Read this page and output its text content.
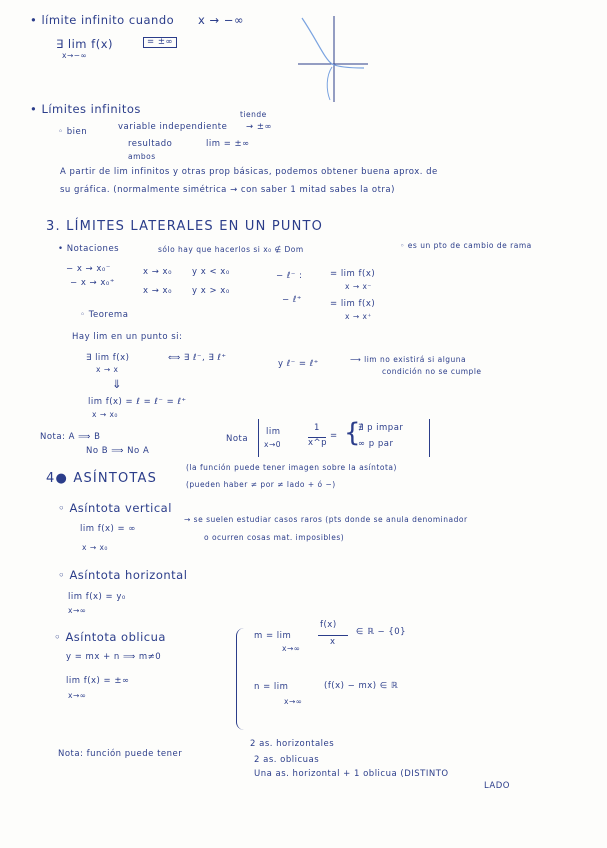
• límite infinito cuando x → −∞
∃ lim f(x)
x→−∞
= ±∞
• Límites infinitos	tiende
◦ bien	variable independiente → ±∞
resultado	lim = ±∞
ambos
A partir de lim infinitos y otras prop básicas, podemos obtener buena aprox. de
su gráfica. (normalmente simétrica → con saber 1 mitad sabes la otra)
3. LÍMITES LATERALES EN UN PUNTO
• Notaciones	sólo hay que hacerlos si x₀ ∉ Dom	◦ es un pto de cambio de rama
− x → x₀⁻	x → x₀ y x < x₀	− ℓ⁻ :	= lim f(x)
x → x⁻
− x → x₀⁺
x → x₀ y x > x₀
− ℓ⁺	= lim f(x)
x → x⁺
◦ Teorema
Hay lim en un punto si:
∃ lim f(x)
x → x
⟺ ∃ ℓ⁻, ∃ ℓ⁺
y ℓ⁻ = ℓ⁺	⟶ lim no existirá si alguna
condición no se cumple
⇓
lim f(x) = ℓ = ℓ⁻ = ℓ⁺
x → x₀
Nota: A ⟹ B
No B ⟹ No A
Nota
lim
x→0
1
x^p
= {
∄ p impar
∞ p par
4● ASÍNTOTAS
(la función puede tener imagen sobre la asíntota)
(pueden haber ≠ por ≠ lado + ó −)
◦ Asíntota vertical
lim f(x) = ∞
x → x₀
→ se suelen estudiar casos raros (pts donde se anula denominador
o ocurren cosas mat. imposibles)
◦ Asíntota horizontal
lim f(x) = y₀
x→∞
◦ Asíntota oblicua
y = mx + n ⟹ m≠0
lim f(x) = ±∞
x→∞
m = lim
x→∞
f(x)
x
∈ ℝ − {0}
n = lim
x→∞
(f(x) − mx) ∈ ℝ
Nota: función puede tener
2 as. horizontales
2 as. oblicuas
Una as. horizontal + 1 oblicua (DISTINTO
LADO
